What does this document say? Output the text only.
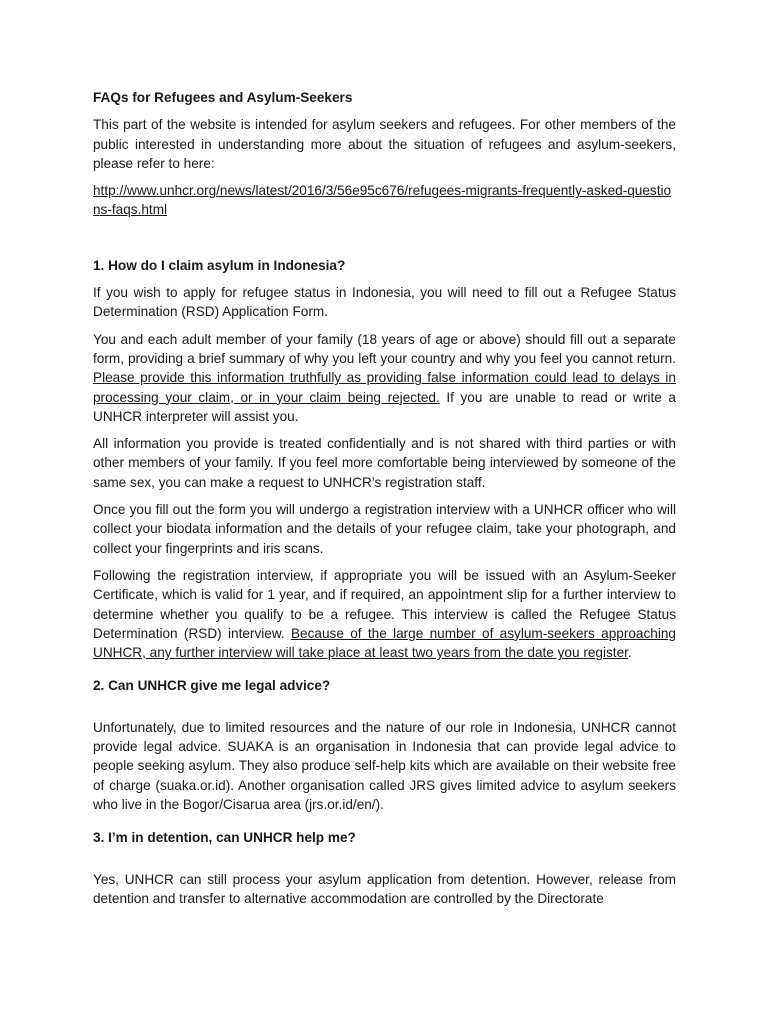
FAQs for Refugees and Asylum-Seekers

This part of the website is intended for asylum seekers and refugees. For other members of the public interested in understanding more about the situation of refugees and asylum-seekers, please refer to here:

http://www.unhcr.org/news/latest/2016/3/56e95c676/refugees-migrants-frequently-asked-questions-faqs.html

1. How do I claim asylum in Indonesia?

If you wish to apply for refugee status in Indonesia, you will need to fill out a Refugee Status Determination (RSD) Application Form.

You and each adult member of your family (18 years of age or above) should fill out a separate form, providing a brief summary of why you left your country and why you feel you cannot return. Please provide this information truthfully as providing false information could lead to delays in processing your claim, or in your claim being rejected. If you are unable to read or write a UNHCR interpreter will assist you.

All information you provide is treated confidentially and is not shared with third parties or with other members of your family. If you feel more comfortable being interviewed by someone of the same sex, you can make a request to UNHCR’s registration staff.

Once you fill out the form you will undergo a registration interview with a UNHCR officer who will collect your biodata information and the details of your refugee claim, take your photograph, and collect your fingerprints and iris scans.

Following the registration interview, if appropriate you will be issued with an Asylum-Seeker Certificate, which is valid for 1 year, and if required, an appointment slip for a further interview to determine whether you qualify to be a refugee. This interview is called the Refugee Status Determination (RSD) interview. Because of the large number of asylum-seekers approaching UNHCR, any further interview will take place at least two years from the date you register.

2. Can UNHCR give me legal advice?

Unfortunately, due to limited resources and the nature of our role in Indonesia, UNHCR cannot provide legal advice. SUAKA is an organisation in Indonesia that can provide legal advice to people seeking asylum. They also produce self-help kits which are available on their website free of charge (suaka.or.id). Another organisation called JRS gives limited advice to asylum seekers who live in the Bogor/Cisarua area (jrs.or.id/en/).

3. I’m in detention, can UNHCR help me?

Yes, UNHCR can still process your asylum application from detention. However, release from detention and transfer to alternative accommodation are controlled by the Directorate
